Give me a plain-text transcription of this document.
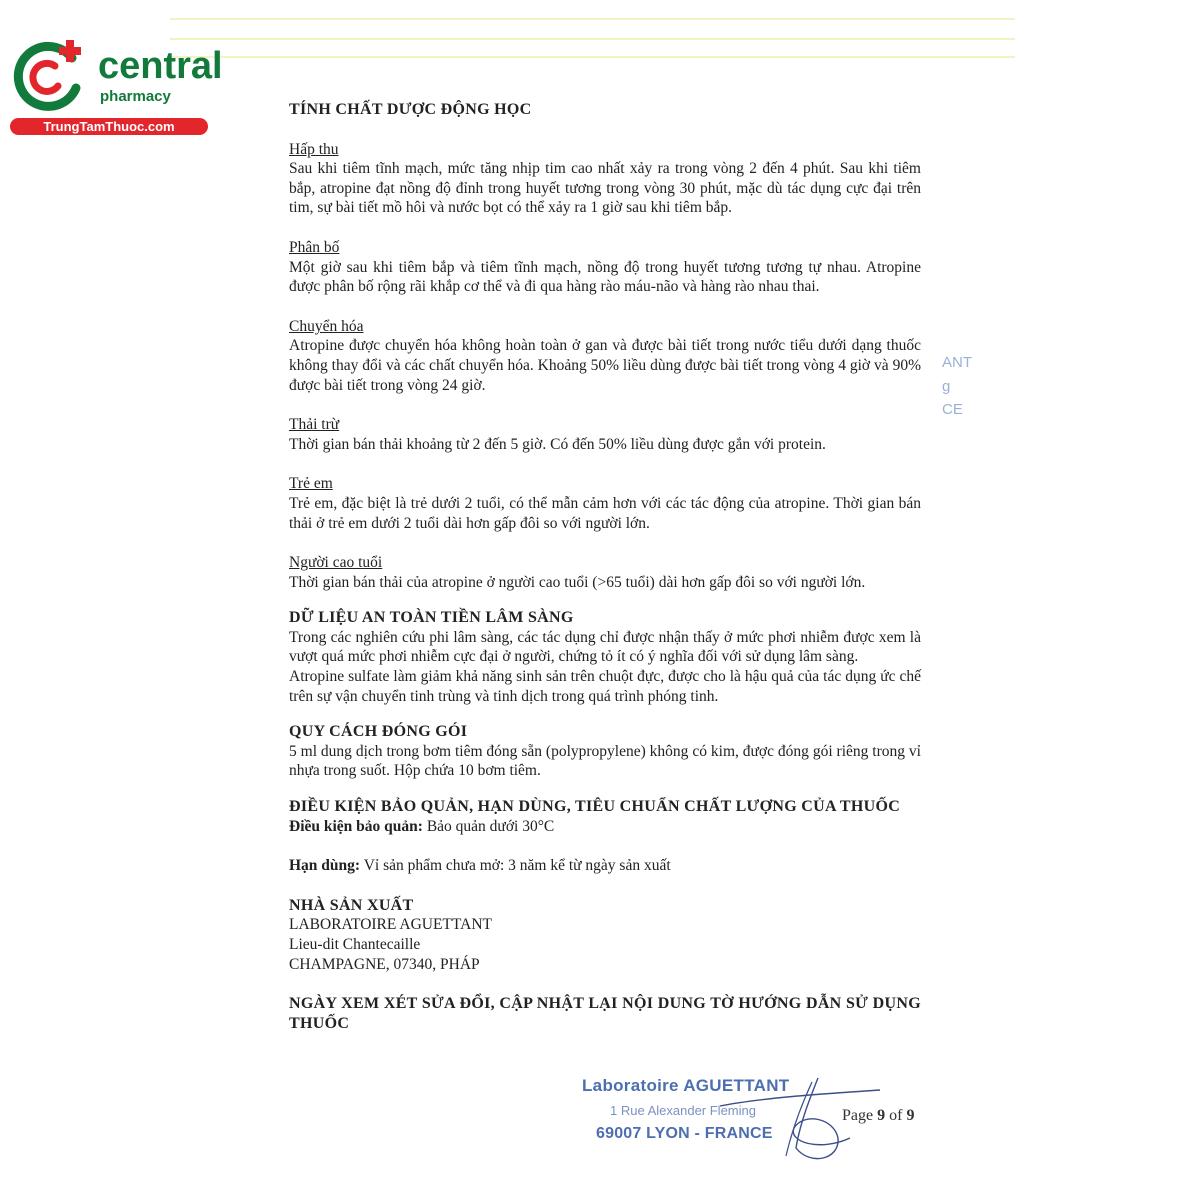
central
pharmacy
TrungTamThuoc.com
TÍNH CHẤT DƯỢC ĐỘNG HỌC
Hấp thu
Sau khi tiêm tĩnh mạch, mức tăng nhịp tim cao nhất xảy ra trong vòng 2 đến 4 phút. Sau khi tiêm bắp, atropine đạt nồng độ đỉnh trong huyết tương trong vòng 30 phút, mặc dù tác dụng cực đại trên tim, sự bài tiết mồ hôi và nước bọt có thể xảy ra 1 giờ sau khi tiêm bắp.
Phân bố
Một giờ sau khi tiêm bắp và tiêm tĩnh mạch, nồng độ trong huyết tương tương tự nhau. Atropine được phân bố rộng rãi khắp cơ thể và đi qua hàng rào máu-não và hàng rào nhau thai.
Chuyển hóa
Atropine được chuyển hóa không hoàn toàn ở gan và được bài tiết trong nước tiểu dưới dạng thuốc không thay đổi và các chất chuyển hóa. Khoảng 50% liều dùng được bài tiết trong vòng 4 giờ và 90% được bài tiết trong vòng 24 giờ.
Thải trừ
Thời gian bán thải khoảng từ 2 đến 5 giờ. Có đến 50% liều dùng được gắn với protein.
Trẻ em
Trẻ em, đặc biệt là trẻ dưới 2 tuổi, có thể mẫn cảm hơn với các tác động của atropine. Thời gian bán thải ở trẻ em dưới 2 tuổi dài hơn gấp đôi so với người lớn.
Người cao tuổi
Thời gian bán thải của atropine ở người cao tuổi (>65 tuổi) dài hơn gấp đôi so với người lớn.
DỮ LIỆU AN TOÀN TIỀN LÂM SÀNG
Trong các nghiên cứu phi lâm sàng, các tác dụng chỉ được nhận thấy ở mức phơi nhiễm được xem là vượt quá mức phơi nhiễm cực đại ở người, chứng tỏ ít có ý nghĩa đối với sử dụng lâm sàng.
Atropine sulfate làm giảm khả năng sinh sản trên chuột đực, được cho là hậu quả của tác dụng ức chế trên sự vận chuyển tinh trùng và tinh dịch trong quá trình phóng tinh.
QUY CÁCH ĐÓNG GÓI
5 ml dung dịch trong bơm tiêm đóng sẵn (polypropylene) không có kim, được đóng gói riêng trong vỉ nhựa trong suốt. Hộp chứa 10 bơm tiêm.
ĐIỀU KIỆN BẢO QUẢN, HẠN DÙNG, TIÊU CHUẨN CHẤT LƯỢNG CỦA THUỐC
Điều kiện bảo quản: Bảo quản dưới 30°C
Hạn dùng: Vỉ sản phẩm chưa mở: 3 năm kể từ ngày sản xuất
NHÀ SẢN XUẤT
LABORATOIRE AGUETTANT
Lieu-dit Chantecaille
CHAMPAGNE, 07340, PHÁP
NGÀY XEM XÉT SỬA ĐỔI, CẬP NHẬT LẠI NỘI DUNG TỜ HƯỚNG DẪN SỬ DỤNG THUỐC
ANT
g
CE
Laboratoire AGUETTANT
1 Rue Alexander Fleming
69007 LYON - FRANCE
Page 9 of 9
